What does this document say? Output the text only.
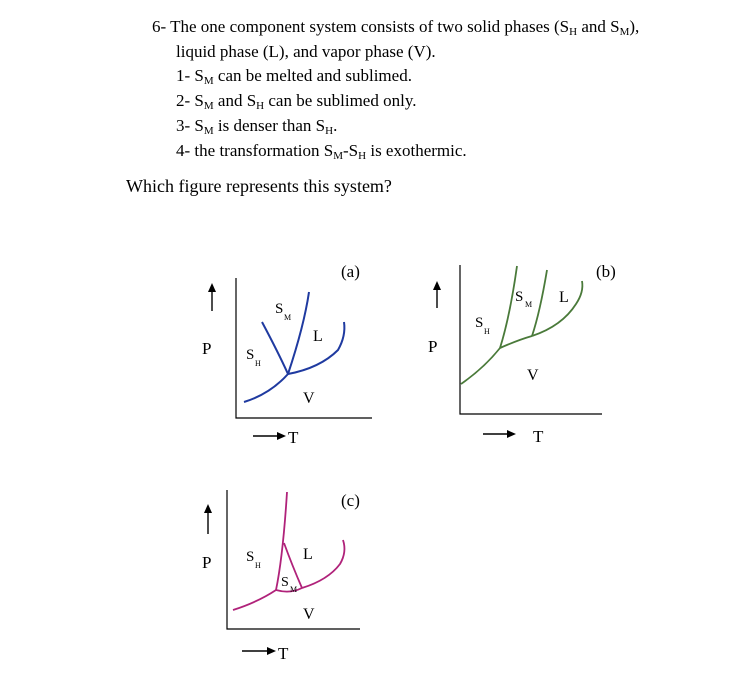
6- The one component system consists of two solid phases ($S_H$ and $S_M$),
liquid phase (L), and vapor phase (V).
1- $S_M$ can be melted and sublimed.
2- $S_M$ and $S_H$ can be sublimed only.
3- $S_M$ is denser than $S_H$.
4- the transformation $S_M-S_H$ is exothermic.
Which figure represents this system?
(a)
P
T
S
M
S
H
L
V
(b)
P
T
S M
S
H
L
V
(c)
P
T
S
H
S M
L
V
